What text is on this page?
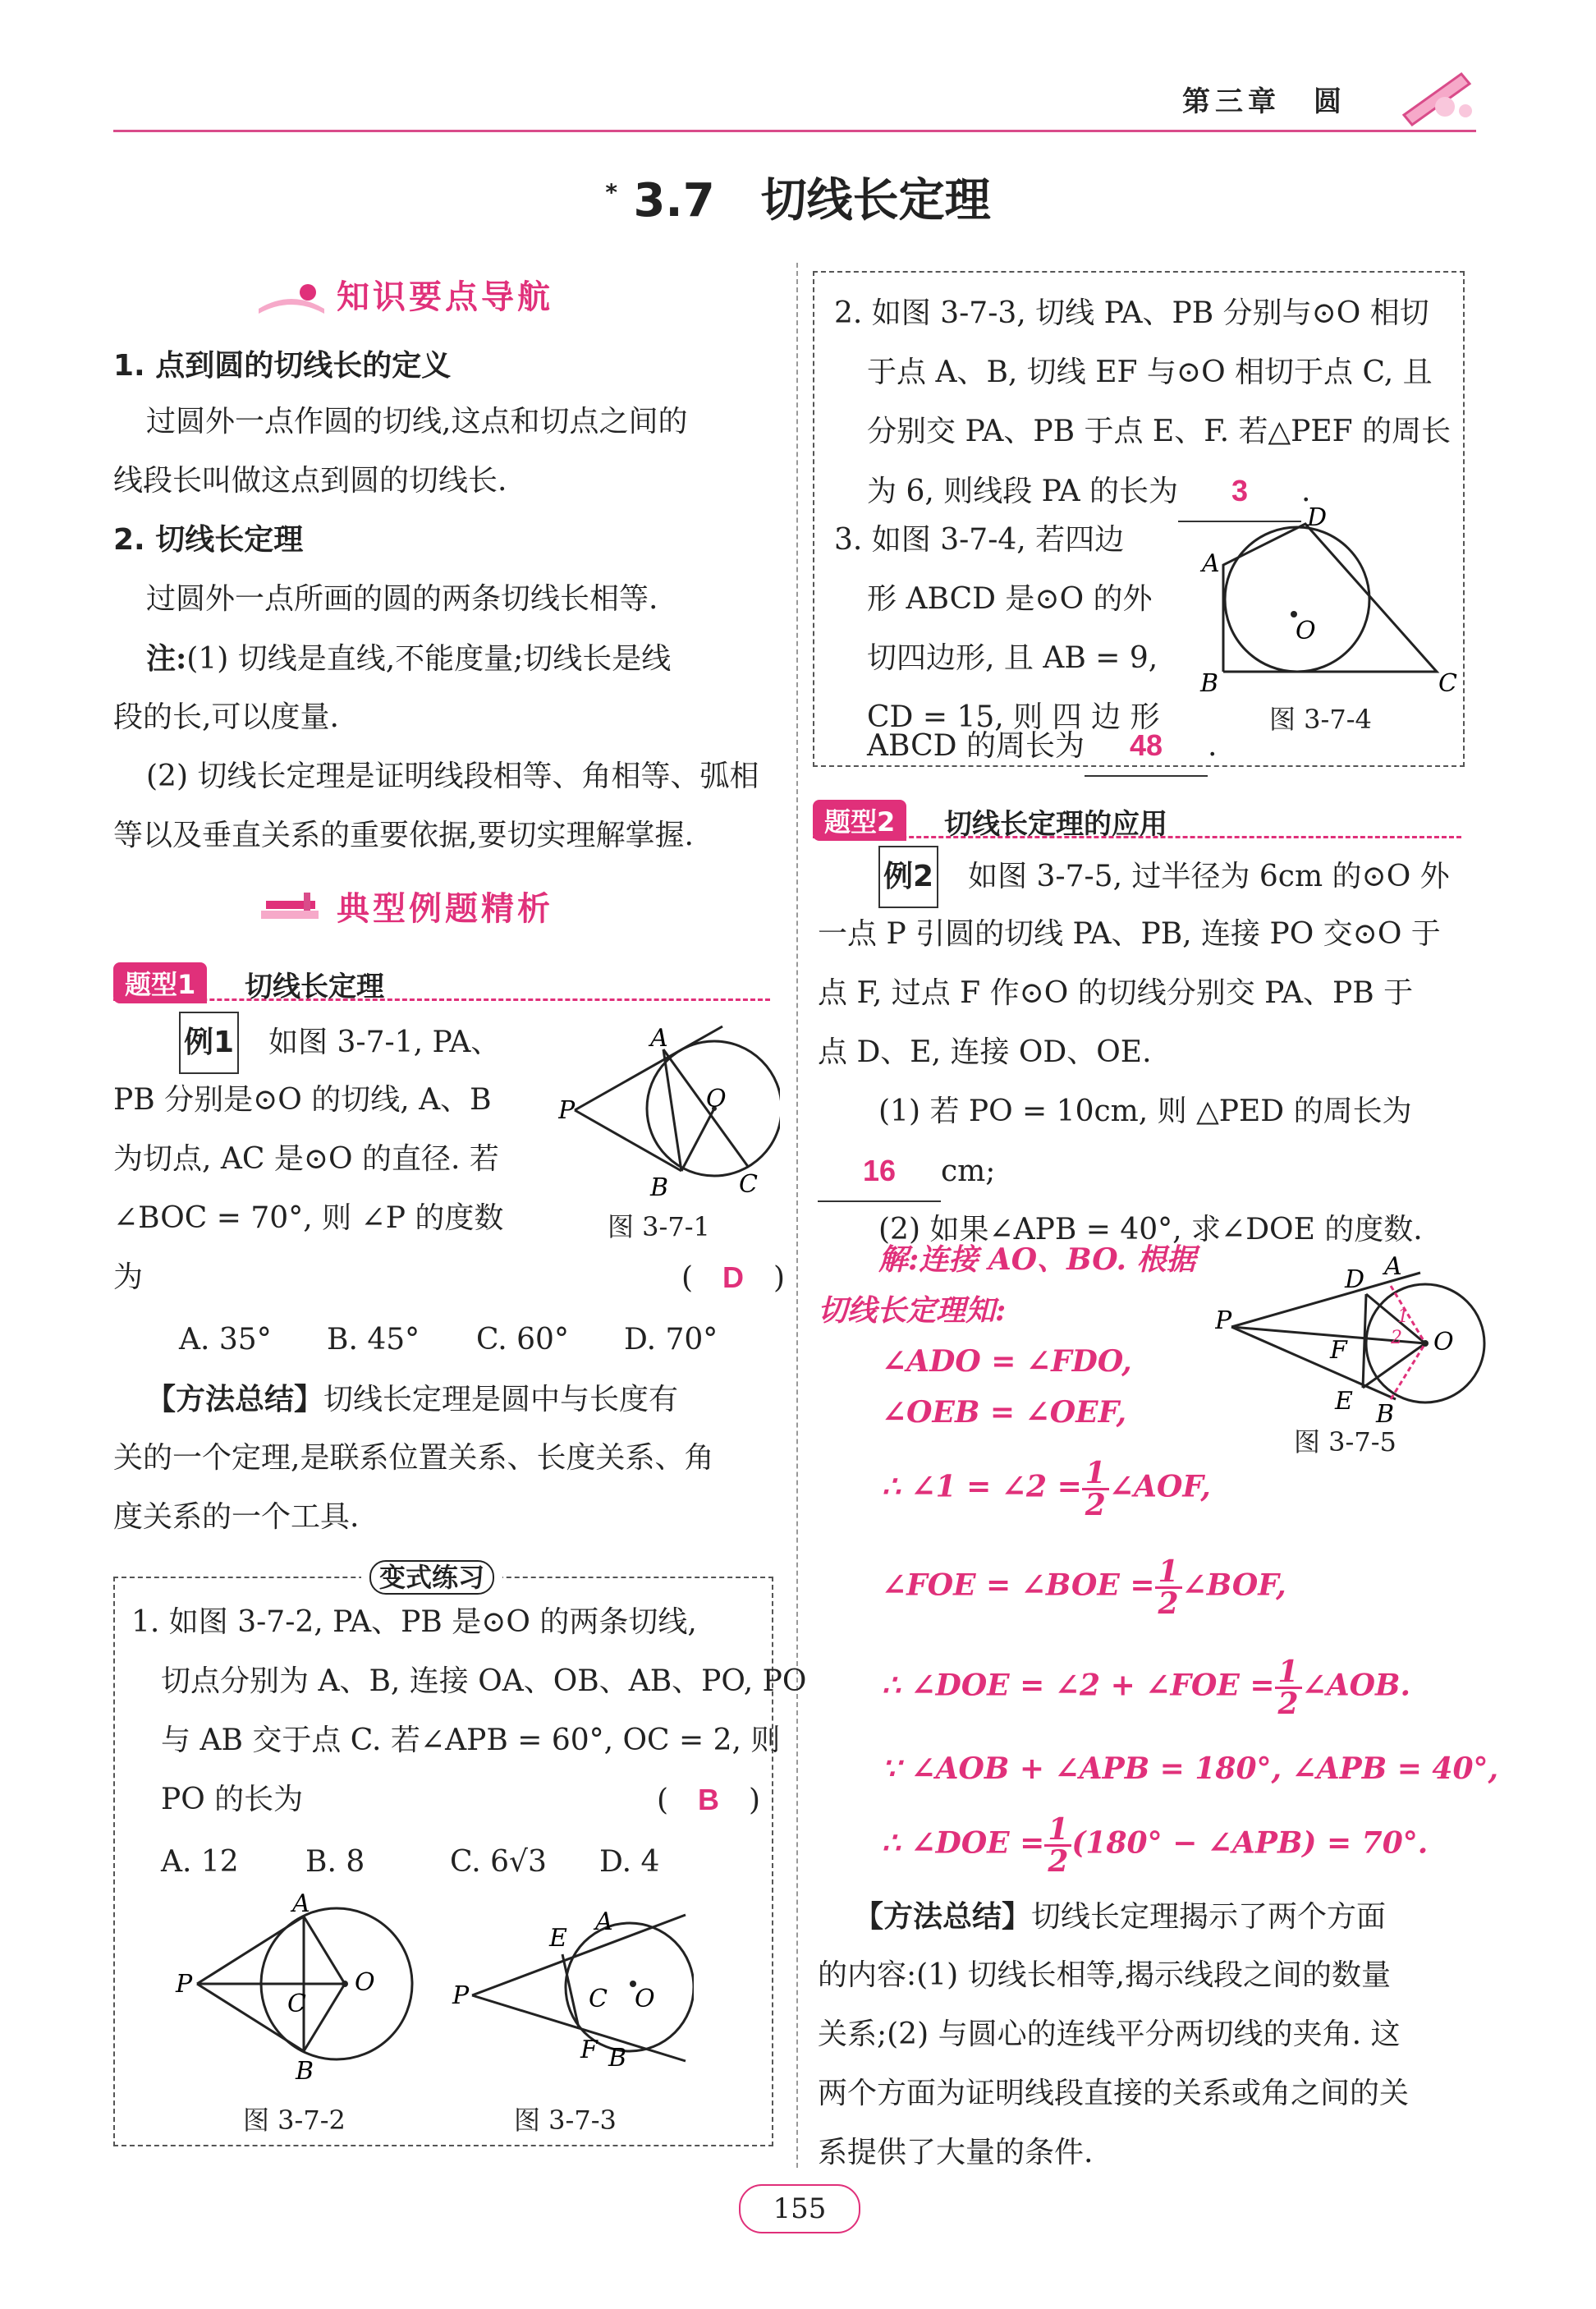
第三章　圆
* 3.7　 切线长定理
知识要点导航
1. 点到圆的切线长的定义
过圆外一点作圆的切线,这点和切点之间的
线段长叫做这点到圆的切线长.
2. 切线长定理
过圆外一点所画的圆的两条切线长相等.
注:(1) 切线是直线,不能度量;切线长是线
段的长,可以度量.
(2) 切线长定理是证明线段相等、角相等、弧相
等以及垂直关系的重要依据,要切实理解掌握.
典型例题精析
题型1	切线长定理
例1　 如图 3-7-1, PA、
PB 分别是⊙O 的切线, A、B
为切点, AC 是⊙O 的直径. 若
∠BOC = 70°, 则 ∠P 的度数
为	(　D　)
A
P	O
B	C
图 3-7-1
A. 35° B. 45° C. 60° D. 70°
【方法总结】切线长定理是圆中与长度有
关的一个定理,是联系位置关系、长度关系、角
度关系的一个工具.
变式练习
1. 如图 3-7-2, PA、PB 是⊙O 的两条切线,
切点分别为 A、B, 连接 OA、OB、AB、PO, PO
与 AB 交于点 C. 若∠APB = 60°, OC = 2, 则
PO 的长为	(　B　)
A. 12 B. 8	C. 6√3 D. 4
A
P
C
O
B
图 3-7-2
E
A
P	C O
F B
图 3-7-3
2. 如图 3-7-3, 切线 PA、PB 分别与⊙O 相切
于点 A、B, 切线 EF 与⊙O 相切于点 C, 且
分别交 PA、PB 于点 E、F. 若△PEF 的周长
为 6, 则线段 PA 的长为 3 .
3. 如图 3-7-4, 若四边
形 ABCD 是⊙O 的外
切四边形, 且 AB = 9,
CD = 15, 则 四 边 形
ABCD 的周长为 48 .
D
A
O
B	C
图 3-7-4
题型2	切线长定理的应用
例2　 如图 3-7-5, 过半径为 6cm 的⊙O 外
一点 P 引圆的切线 PA、PB, 连接 PO 交⊙O 于
点 F, 过点 F 作⊙O 的切线分别交 PA、PB 于
点 D、E, 连接 OD、OE.
(1) 若 PO = 10cm, 则 △PED 的周长为
16 cm;
(2) 如果∠APB = 40°, 求∠DOE 的度数.
解:连接 AO、BO. 根据
切线长定理知:
∠ADO = ∠FDO,
∠OEB = ∠OEF,
∴ ∠1 = ∠2 = $\frac{1}{2}$ ∠AOF,
∠FOE = ∠BOE = $\frac{1}{2}$ ∠BOF,
∴ ∠DOE = ∠2 + ∠FOE = $\frac{1}{2}$ ∠AOB.
∵ ∠AOB + ∠APB = 180°, ∠APB = 40°,
∴ ∠DOE = $\frac{1}{2} (180^\circ$ − ∠APB) = 70°.
D A
P	1
2 O
F
E B
图 3-7-5
【方法总结】切线长定理揭示了两个方面
的内容:(1) 切线长相等,揭示线段之间的数量
关系;(2) 与圆心的连线平分两切线的夹角. 这
两个方面为证明线段直接的关系或角之间的关
系提供了大量的条件.
155
